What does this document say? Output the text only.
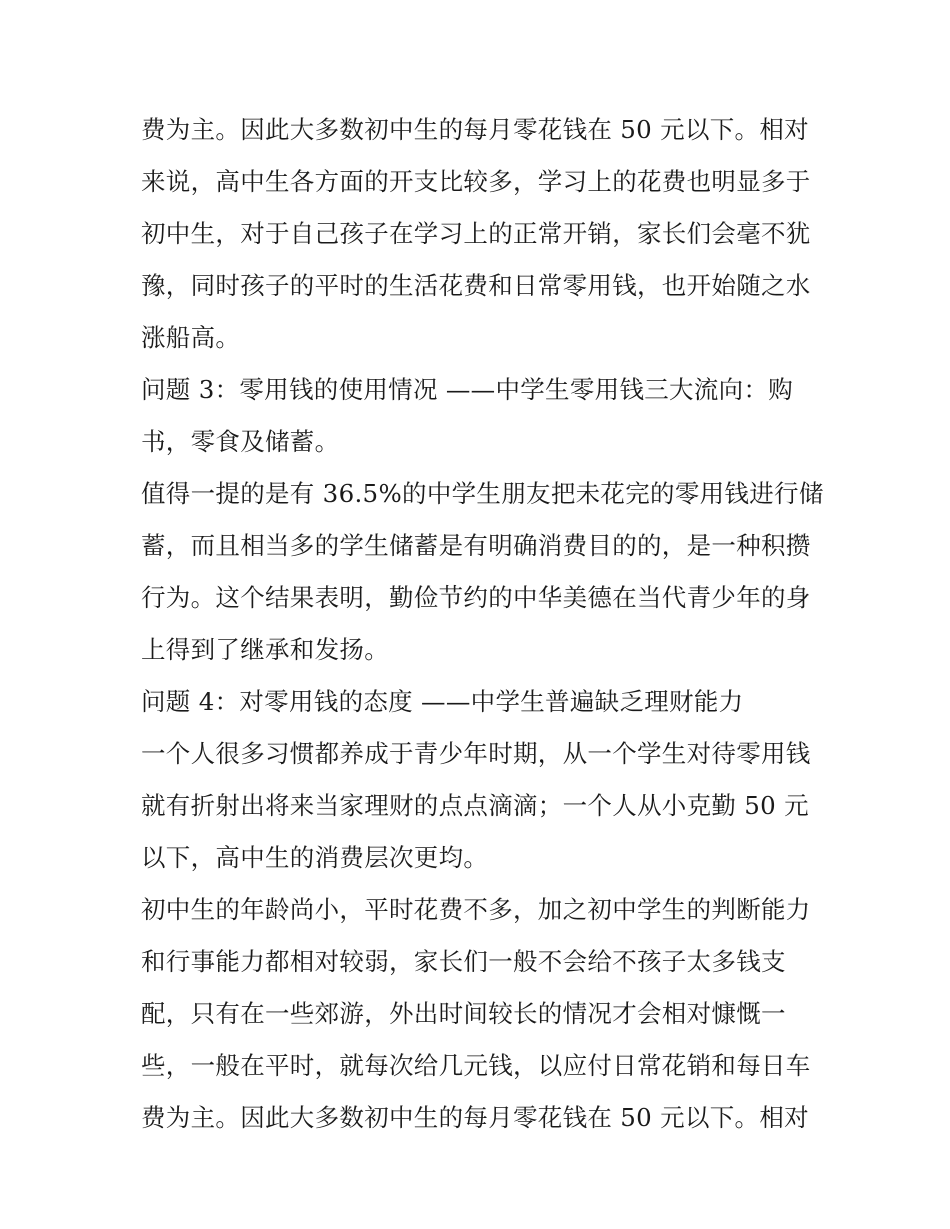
费为主。因此大多数初中生的每月零花钱在 50 元以下。相对
来说，高中生各方面的开支比较多，学习上的花费也明显多于
初中生，对于自己孩子在学习上的正常开销，家长们会毫不犹
豫，同时孩子的平时的生活花费和日常零用钱，也开始随之水
涨船高。
问题 3：零用钱的使用情况 ——中学生零用钱三大流向：购
书，零食及储蓄。
值得一提的是有 36.5%的中学生朋友把未花完的零用钱进行储
蓄，而且相当多的学生储蓄是有明确消费目的的，是一种积攒
行为。这个结果表明，勤俭节约的中华美德在当代青少年的身
上得到了继承和发扬。
问题 4：对零用钱的态度 ——中学生普遍缺乏理财能力
一个人很多习惯都养成于青少年时期，从一个学生对待零用钱
就有折射出将来当家理财的点点滴滴；一个人从小克勤 50 元
以下，高中生的消费层次更均。
初中生的年龄尚小，平时花费不多，加之初中学生的判断能力
和行事能力都相对较弱，家长们一般不会给不孩子太多钱支
配，只有在一些郊游，外出时间较长的情况才会相对慷慨一
些，一般在平时，就每次给几元钱，以应付日常花销和每日车
费为主。因此大多数初中生的每月零花钱在 50 元以下。相对
